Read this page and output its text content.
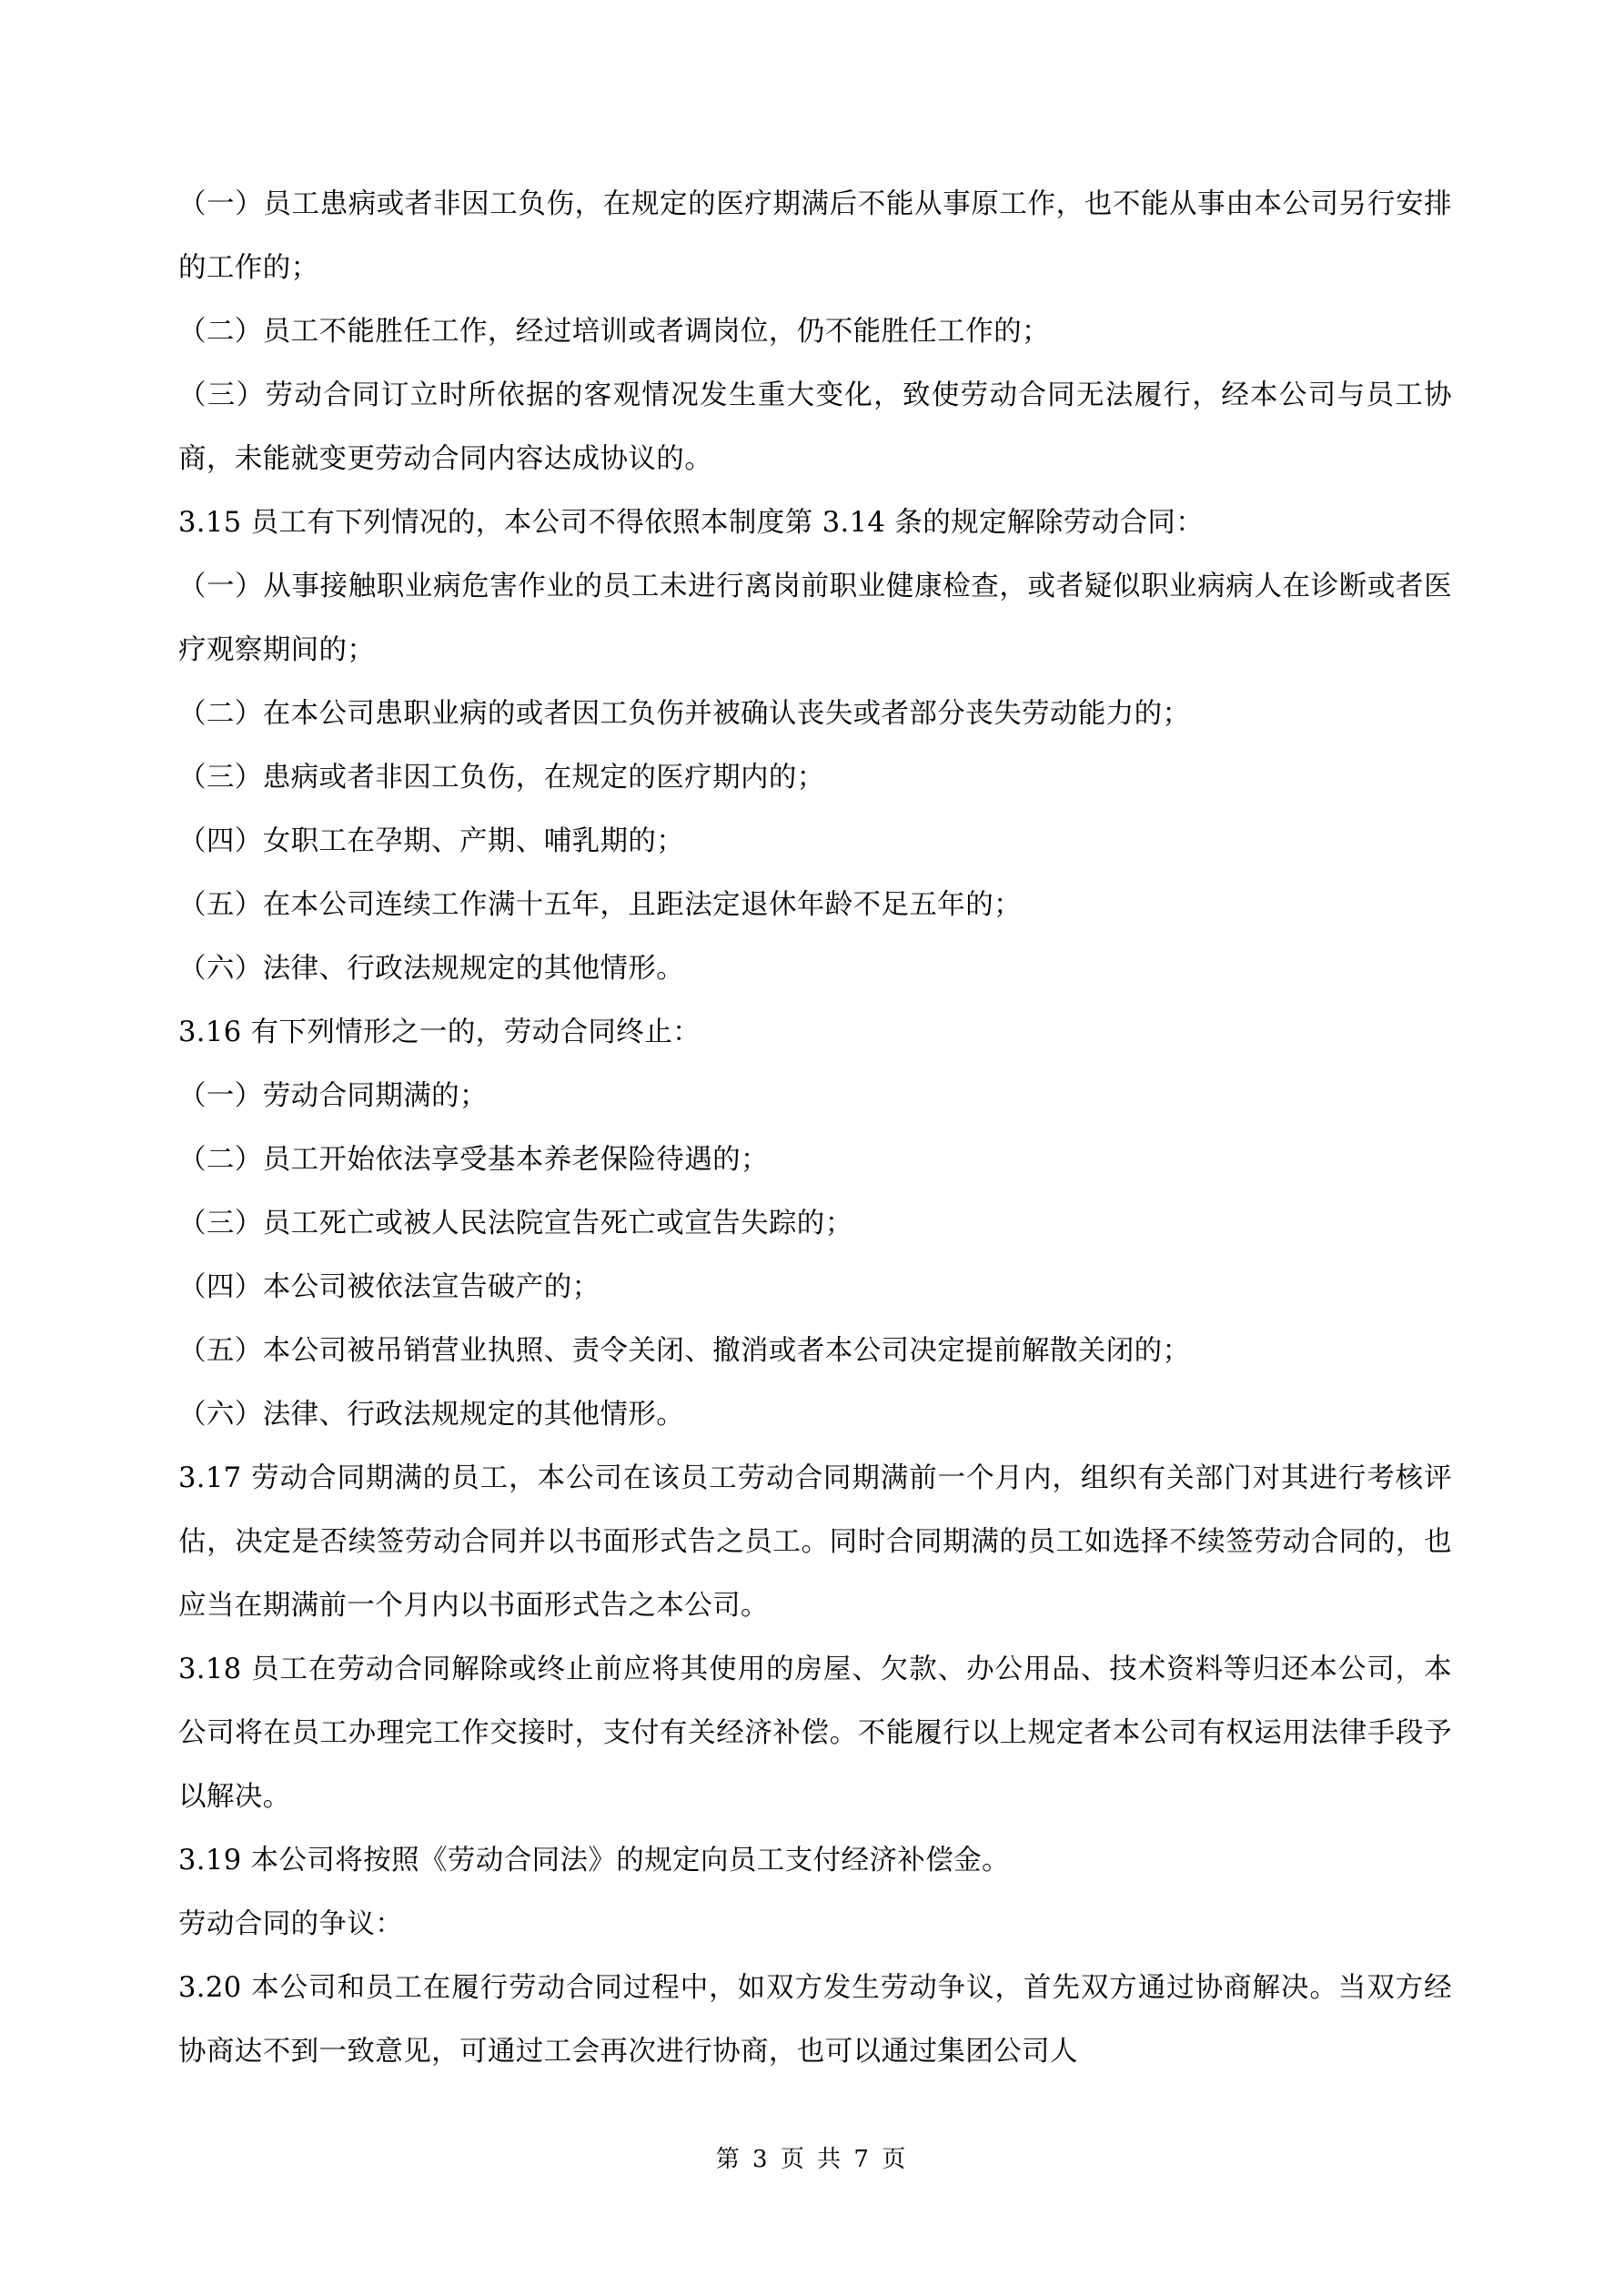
（一）员工患病或者非因工负伤，在规定的医疗期满后不能从事原工作，也不能从事由本公司另行安排的工作的；

（二）员工不能胜任工作，经过培训或者调岗位，仍不能胜任工作的；

（三）劳动合同订立时所依据的客观情况发生重大变化，致使劳动合同无法履行，经本公司与员工协商，未能就变更劳动合同内容达成协议的。

3.15 员工有下列情况的，本公司不得依照本制度第 3.14 条的规定解除劳动合同：

（一）从事接触职业病危害作业的员工未进行离岗前职业健康检查，或者疑似职业病病人在诊断或者医疗观察期间的；

（二）在本公司患职业病的或者因工负伤并被确认丧失或者部分丧失劳动能力的；

（三）患病或者非因工负伤，在规定的医疗期内的；

（四）女职工在孕期、产期、哺乳期的；

（五）在本公司连续工作满十五年，且距法定退休年龄不足五年的；

（六）法律、行政法规规定的其他情形。

3.16 有下列情形之一的，劳动合同终止：

（一）劳动合同期满的；

（二）员工开始依法享受基本养老保险待遇的；

（三）员工死亡或被人民法院宣告死亡或宣告失踪的；

（四）本公司被依法宣告破产的；

（五）本公司被吊销营业执照、责令关闭、撤消或者本公司决定提前解散关闭的；

（六）法律、行政法规规定的其他情形。

3.17 劳动合同期满的员工，本公司在该员工劳动合同期满前一个月内，组织有关部门对其进行考核评估，决定是否续签劳动合同并以书面形式告之员工。同时合同期满的员工如选择不续签劳动合同的，也应当在期满前一个月内以书面形式告之本公司。

3.18 员工在劳动合同解除或终止前应将其使用的房屋、欠款、办公用品、技术资料等归还本公司，本公司将在员工办理完工作交接时，支付有关经济补偿。不能履行以上规定者本公司有权运用法律手段予以解决。

3.19 本公司将按照《劳动合同法》的规定向员工支付经济补偿金。

劳动合同的争议：

3.20 本公司和员工在履行劳动合同过程中，如双方发生劳动争议，首先双方通过协商解决。当双方经协商达不到一致意见，可通过工会再次进行协商，也可以通过集团公司人

第 3 页 共 7 页
